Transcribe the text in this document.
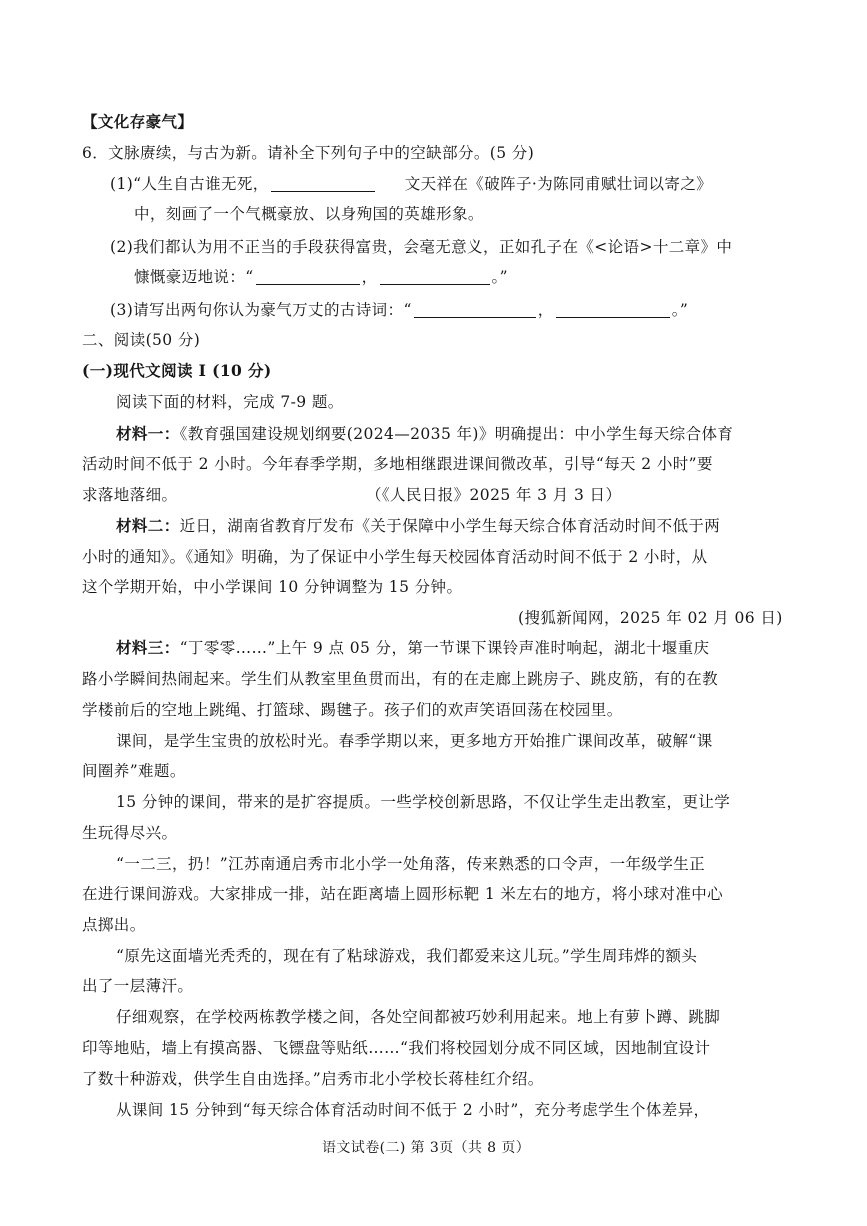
【文化存豪气】
6．文脉赓续，与古为新。请补全下列句子中的空缺部分。(5 分)
(1)“人生自古谁无死，	文天祥在《破阵子·为陈同甫赋壮词以寄之》
中，刻画了一个气概豪放、以身殉国的英雄形象。
(2)我们都认为用不正当的手段获得富贵，会毫无意义，正如孔子在《<论语>十二章》中
慷慨豪迈地说：“	，	。”
(3)请写出两句你认为豪气万丈的古诗词：“	，	。”
二、阅读(50 分)
(一)现代文阅读 I (10 分)
阅读下面的材料，完成 7-9 题。
材料一：《教育强国建设规划纲要(2024—2035 年)》明确提出：中小学生每天综合体育
活动时间不低于 2 小时。今年春季学期，多地相继跟进课间微改革，引导“每天 2 小时”要
求落地落细。	（《人民日报》2025 年 3 月 3 日）
材料二：近日，湖南省教育厅发布《关于保障中小学生每天综合体育活动时间不低于两
小时的通知》。《通知》明确，为了保证中小学生每天校园体育活动时间不低于 2 小时，从
这个学期开始，中小学课间 10 分钟调整为 15 分钟。
(搜狐新闻网，2025 年 02 月 06 日)
材料三：“丁零零……”上午 9 点 05 分，第一节课下课铃声准时响起，湖北十堰重庆
路小学瞬间热闹起来。学生们从教室里鱼贯而出，有的在走廊上跳房子、跳皮筋，有的在教
学楼前后的空地上跳绳、打篮球、踢毽子。孩子们的欢声笑语回荡在校园里。
课间，是学生宝贵的放松时光。春季学期以来，更多地方开始推广课间改革，破解“课
间圈养”难题。
15 分钟的课间，带来的是扩容提质。一些学校创新思路，不仅让学生走出教室，更让学
生玩得尽兴。
“一二三，扔！”江苏南通启秀市北小学一处角落，传来熟悉的口令声，一年级学生正
在进行课间游戏。大家排成一排，站在距离墙上圆形标靶 1 米左右的地方，将小球对准中心
点掷出。
“原先这面墙光秃秃的，现在有了粘球游戏，我们都爱来这儿玩。”学生周玮烨的额头
出了一层薄汗。
仔细观察，在学校两栋教学楼之间，各处空间都被巧妙利用起来。地上有萝卜蹲、跳脚
印等地贴，墙上有摸高器、飞镖盘等贴纸……“我们将校园划分成不同区域，因地制宜设计
了数十种游戏，供学生自由选择。”启秀市北小学校长蒋桂红介绍。
从课间 15 分钟到“每天综合体育活动时间不低于 2 小时”，充分考虑学生个体差异，
语文试卷(二) 第 3页（共 8 页）
